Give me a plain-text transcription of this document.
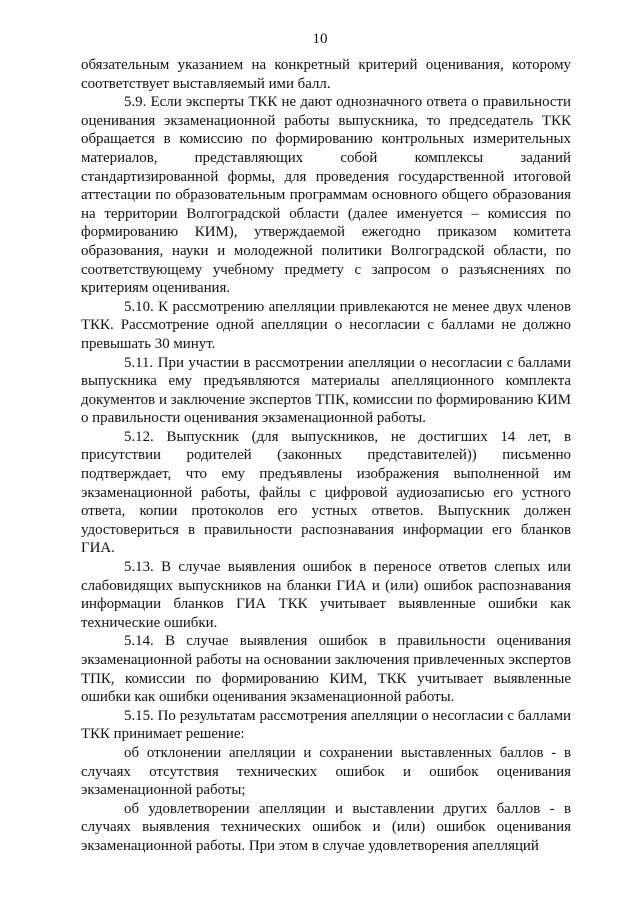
10

обязательным указанием на конкретный критерий оценивания, которому соответствует выставляемый ими балл.

5.9. Если эксперты ТКК не дают однозначного ответа о правильности оценивания экзаменационной работы выпускника, то председатель ТКК обращается в комиссию по формированию контрольных измерительных материалов, представляющих собой комплексы заданий стандартизированной формы, для проведения государственной итоговой аттестации по образовательным программам основного общего образования на территории Волгоградской области (далее именуется – комиссия по формированию КИМ), утверждаемой ежегодно приказом комитета образования, науки и молодежной политики Волгоградской области, по соответствующему учебному предмету с запросом о разъяснениях по критериям оценивания.

5.10. К рассмотрению апелляции привлекаются не менее двух членов ТКК. Рассмотрение одной апелляции о несогласии с баллами не должно превышать 30 минут.

5.11. При участии в рассмотрении апелляции о несогласии с баллами выпускника ему предъявляются материалы апелляционного комплекта документов и заключение экспертов ТПК, комиссии по формированию КИМ о правильности оценивания экзаменационной работы.

5.12. Выпускник (для выпускников, не достигших 14 лет, в присутствии родителей (законных представителей)) письменно подтверждает, что ему предъявлены изображения выполненной им экзаменационной работы, файлы с цифровой аудиозаписью его устного ответа, копии протоколов его устных ответов. Выпускник должен удостовериться в правильности распознавания информации его бланков ГИА.

5.13. В случае выявления ошибок в переносе ответов слепых или слабовидящих выпускников на бланки ГИА и (или) ошибок распознавания информации бланков ГИА ТКК учитывает выявленные ошибки как технические ошибки.

5.14. В случае выявления ошибок в правильности оценивания экзаменационной работы на основании заключения привлеченных экспертов ТПК, комиссии по формированию КИМ, ТКК учитывает выявленные ошибки как ошибки оценивания экзаменационной работы.

5.15. По результатам рассмотрения апелляции о несогласии с баллами ТКК принимает решение:

об отклонении апелляции и сохранении выставленных баллов - в случаях отсутствия технических ошибок и ошибок оценивания экзаменационной работы;

об удовлетворении апелляции и выставлении других баллов - в случаях выявления технических ошибок и (или) ошибок оценивания экзаменационной работы. При этом в случае удовлетворения апелляций
